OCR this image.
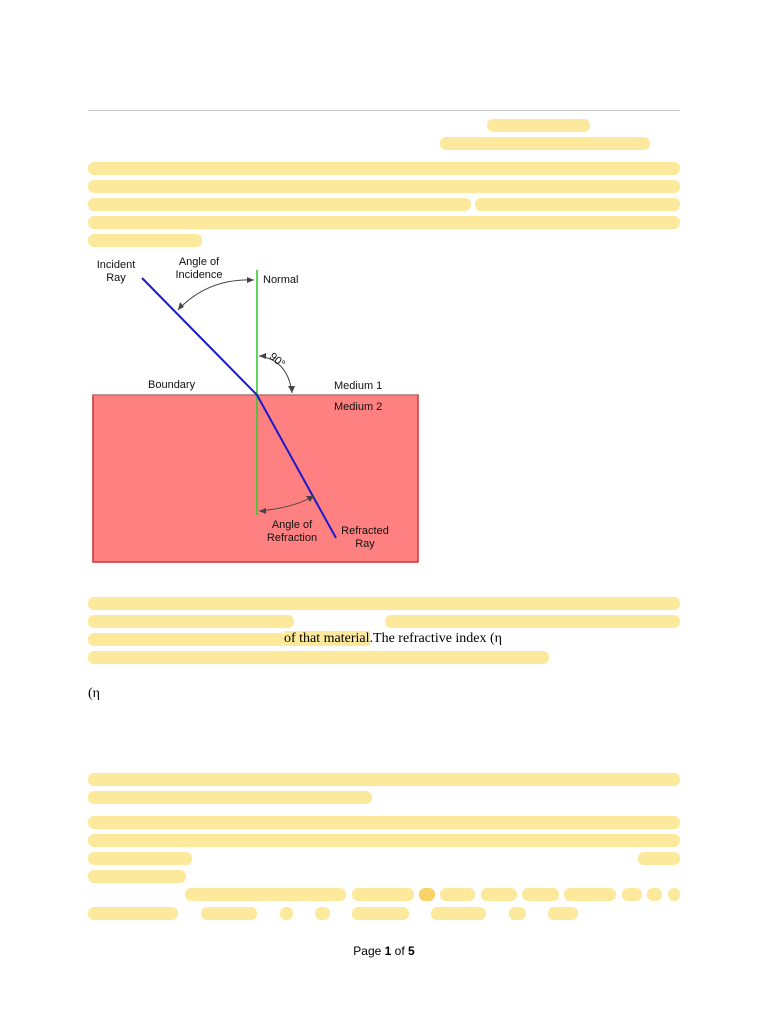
Incident Ray
Angle of Incidence	Normal
90°
Boundary	Medium 1
Medium 2
Angle of Refraction
Refracted Ray
of that material.The refractive index (η
(η
Page 1 of 5
